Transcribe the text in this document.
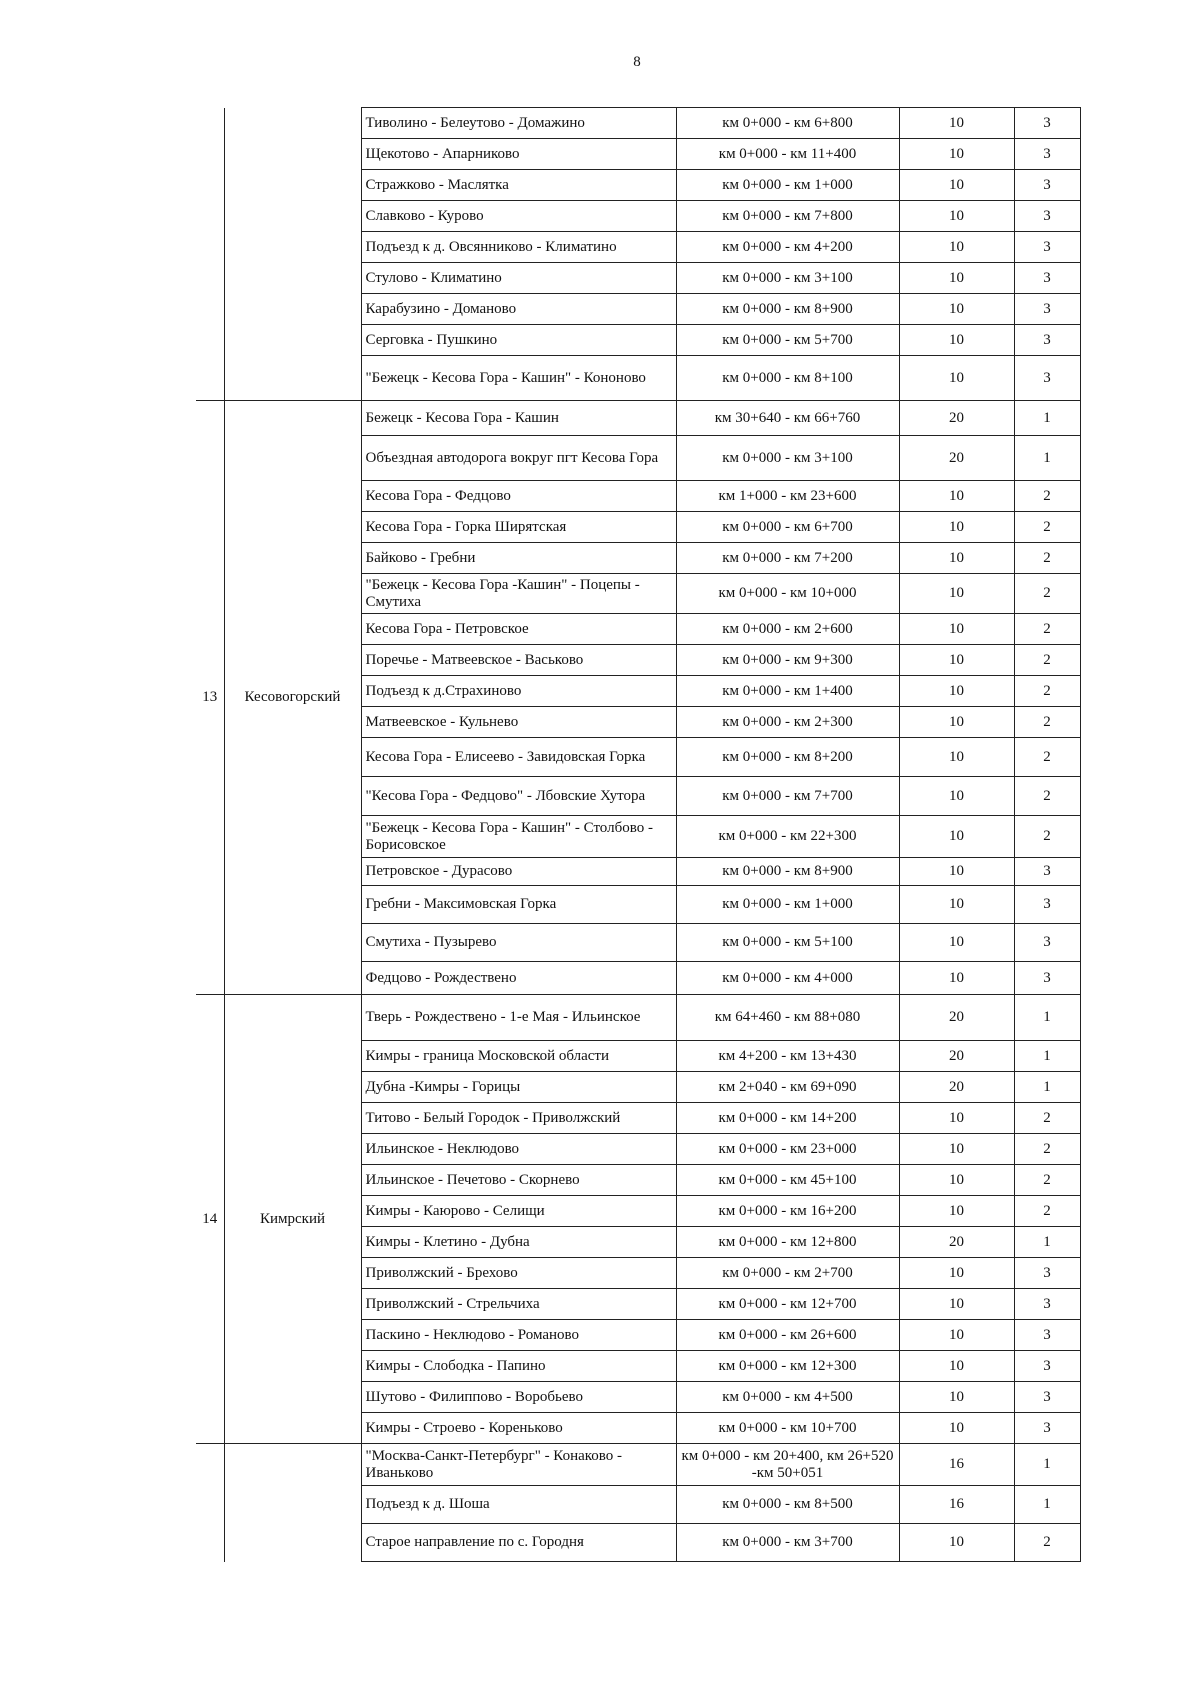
8
		Тиволино - Белеутово - Домажино	км 0+000 - км 6+800	10	3
		Щекотово - Апарниково	км 0+000 - км 11+400	10	3
		Стражково - Маслятка	км 0+000 - км 1+000	10	3
		Славково - Курово	км 0+000 - км 7+800	10	3
		Подъезд к д. Овсянниково - Климатино	км 0+000 - км 4+200	10	3
		Стулово - Климатино	км 0+000 - км 3+100	10	3
		Карабузино - Доманово	км 0+000 - км 8+900	10	3
		Серговка - Пушкино	км 0+000 - км 5+700	10	3
		"Бежецк - Кесова Гора - Кашин" - Кононово	км 0+000 - км 8+100	10	3
13	Кесовогорский	Бежецк - Кесова Гора - Кашин	км 30+640 - км 66+760	20	1
		Объездная автодорога вокруг пгт Кесова Гора	км 0+000 - км 3+100	20	1
		Кесова Гора - Федцово	км 1+000 - км 23+600	10	2
		Кесова Гора - Горка Ширятская	км 0+000 - км 6+700	10	2
		Байково - Гребни	км 0+000 - км 7+200	10	2
		"Бежецк - Кесова Гора -Кашин" - Поцепы - Смутиха	км 0+000 - км 10+000	10	2
		Кесова Гора - Петровское	км 0+000 - км 2+600	10	2
		Поречье - Матвеевское - Васьково	км 0+000 - км 9+300	10	2
		Подъезд к д.Страхиново	км 0+000 - км 1+400	10	2
		Матвеевское - Кульнево	км 0+000 - км 2+300	10	2
		Кесова Гора - Елисеево - Завидовская Горка	км 0+000 - км 8+200	10	2
		"Кесова Гора - Федцово" - Лбовские Хутора	км 0+000 - км 7+700	10	2
		"Бежецк - Кесова Гора - Кашин" - Столбово - Борисовское	км 0+000 - км 22+300	10	2
		Петровское - Дурасово	км 0+000 - км 8+900	10	3
		Гребни - Максимовская Горка	км 0+000 - км 1+000	10	3
		Смутиха - Пузырево	км 0+000 - км 5+100	10	3
		Федцово - Рождествено	км 0+000 - км 4+000	10	3
14	Кимрский	Тверь - Рождествено - 1-е Мая - Ильинское	км 64+460 - км 88+080	20	1
		Кимры - граница Московской области	км 4+200 - км 13+430	20	1
		Дубна -Кимры - Горицы	км 2+040 - км 69+090	20	1
		Титово - Белый Городок - Приволжский	км 0+000 - км 14+200	10	2
		Ильинское - Неклюдово	км 0+000 - км 23+000	10	2
		Ильинское - Печетово - Скорнево	км 0+000 - км 45+100	10	2
		Кимры - Каюрово - Селищи	км 0+000 - км 16+200	10	2
		Кимры - Клетино - Дубна	км 0+000 - км 12+800	20	1
		Приволжский - Брехово	км 0+000 - км 2+700	10	3
		Приволжский - Стрельчиха	км 0+000 - км 12+700	10	3
		Паскино - Неклюдово - Романово	км 0+000 - км 26+600	10	3
		Кимры - Слободка - Папино	км 0+000 - км 12+300	10	3
		Шутово - Филиппово - Воробьево	км 0+000 - км 4+500	10	3
		Кимры - Строево - Кореньково	км 0+000 - км 10+700	10	3
		"Москва-Санкт-Петербург" - Конаково - Иваньково	км 0+000 - км 20+400, км 26+520 -км 50+051	16	1
		Подъезд к д. Шоша	км 0+000 - км 8+500	16	1
		Старое направление по с. Городня	км 0+000 - км 3+700	10	2
